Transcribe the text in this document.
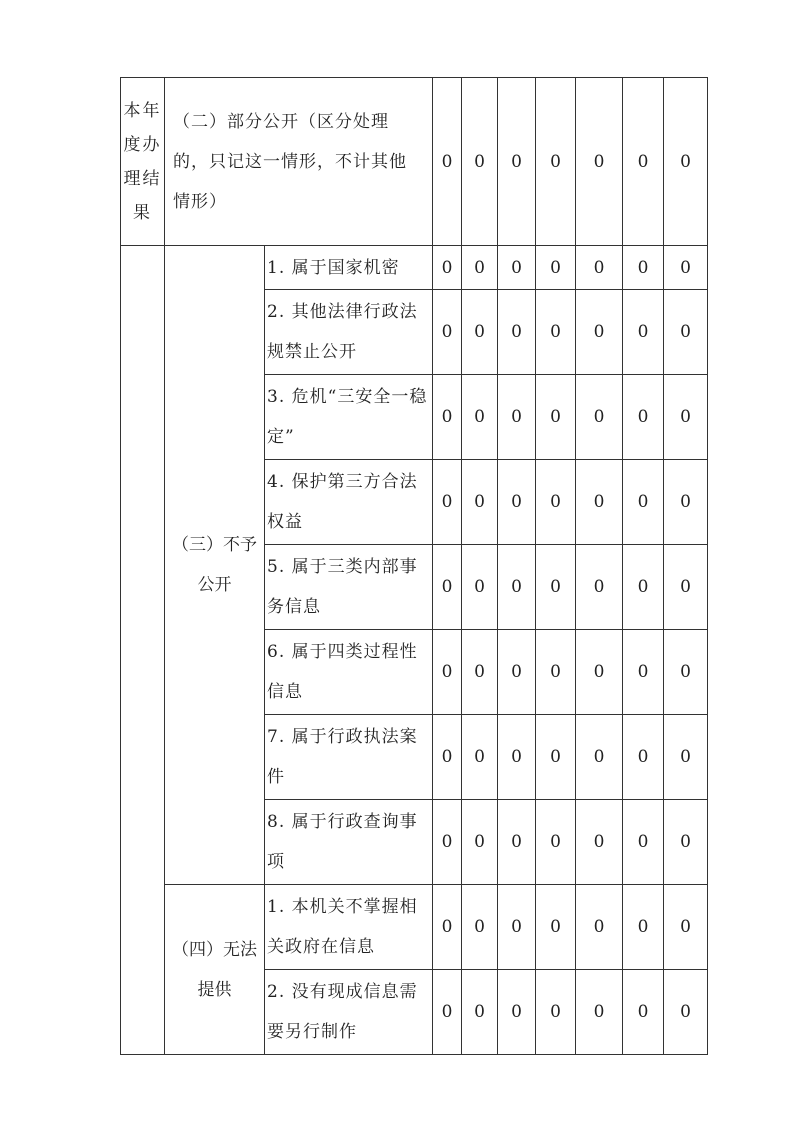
本年度办理结果	（二）部分公开（区分处理的，只记这一情形，不计其他情形）		0	0	0	0	0	0	0
	（三）不予公开	1. 属于国家机密	0	0	0	0	0	0	0
		2. 其他法律行政法规禁止公开	0	0	0	0	0	0	0
		3. 危机“三安全一稳定”	0	0	0	0	0	0	0
		4. 保护第三方合法权益	0	0	0	0	0	0	0
		5. 属于三类内部事务信息	0	0	0	0	0	0	0
		6. 属于四类过程性信息	0	0	0	0	0	0	0
		7. 属于行政执法案件	0	0	0	0	0	0	0
		8. 属于行政查询事项	0	0	0	0	0	0	0
	（四）无法提供	1. 本机关不掌握相关政府在信息	0	0	0	0	0	0	0
		2. 没有现成信息需要另行制作	0	0	0	0	0	0	0
